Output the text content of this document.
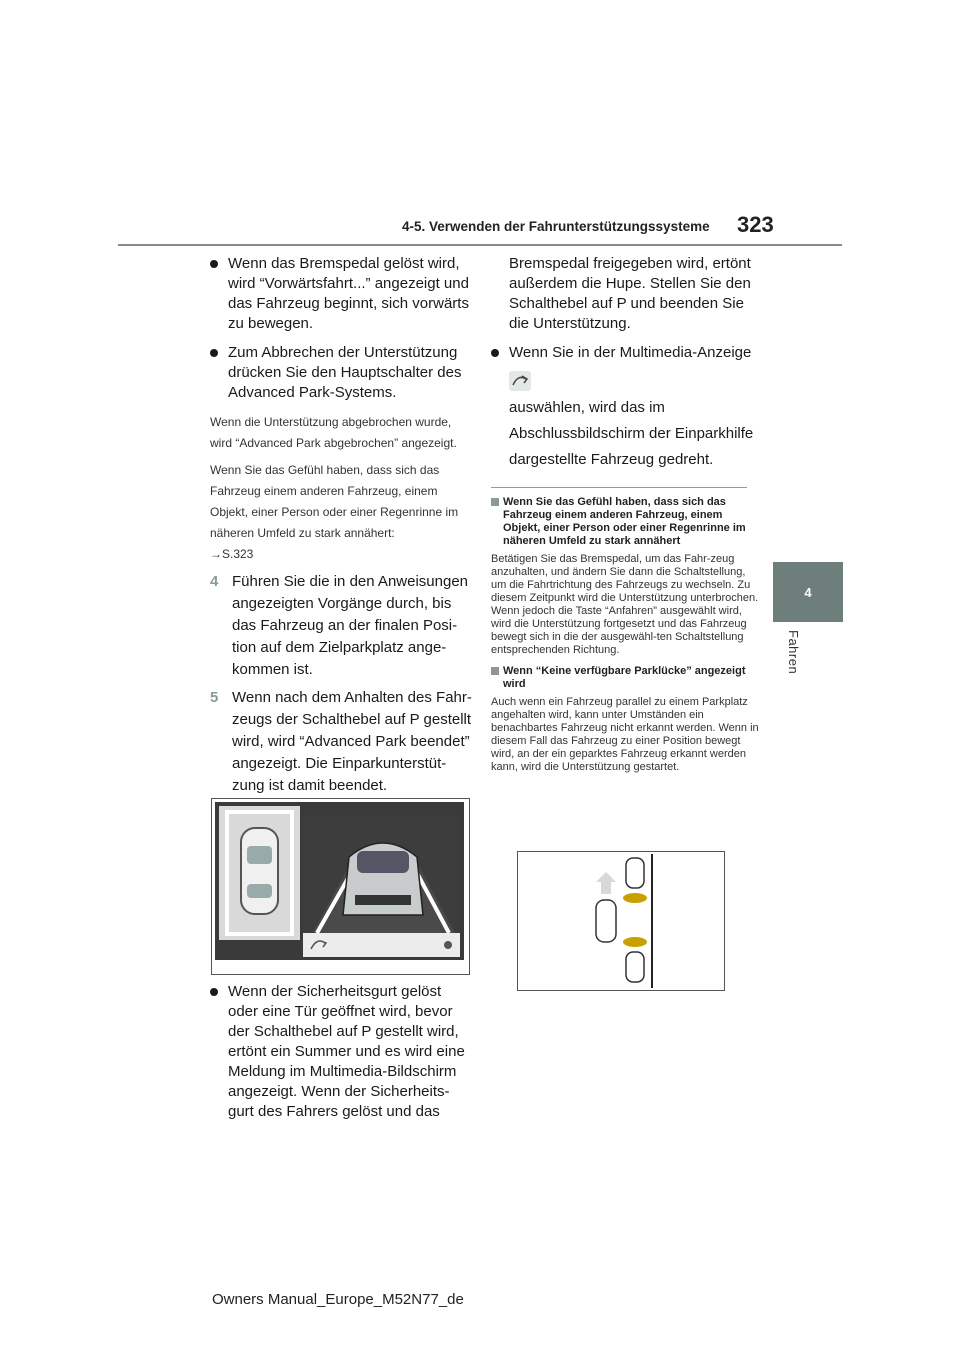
4-5. Verwenden der Fahrunterstützungssysteme 323
4
Fahren
Wenn das Bremspedal gelöst wird, wird “Vorwärtsfahrt...” angezeigt und das Fahrzeug beginnt, sich vorwärts zu bewegen.
Zum Abbrechen der Unterstützung drücken Sie den Hauptschalter des Advanced Park-Systems.
Wenn die Unterstützung abgebrochen wurde, wird “Advanced Park abgebrochen” angezeigt.
Wenn Sie das Gefühl haben, dass sich das Fahrzeug einem anderen Fahrzeug, einem Objekt, einer Person oder einer Regenrinne im näheren Umfeld zu stark annähert:
→S.323
4 Führen Sie die in den Anweisungen angezeigten Vorgänge durch, bis das Fahrzeug an der finalen Posi-tion auf dem Zielparkplatz ange-kommen ist.
5 Wenn nach dem Anhalten des Fahr-zeugs der Schalthebel auf P gestellt wird, wird “Advanced Park beendet” angezeigt. Die Einparkunterstüt-zung ist damit beendet.
Wenn der Sicherheitsgurt gelöst oder eine Tür geöffnet wird, bevor der Schalthebel auf P gestellt wird, ertönt ein Summer und es wird eine Meldung im Multimedia-Bildschirm angezeigt. Wenn der Sicherheits-gurt des Fahrers gelöst und das
Bremspedal freigegeben wird, ertönt außerdem die Hupe. Stellen Sie den Schalthebel auf P und beenden Sie die Unterstützung.
Wenn Sie in der Multimedia-Anzeige
auswählen, wird das im Abschlussbildschirm der Einparkhilfe dargestellte Fahrzeug gedreht.
Wenn Sie das Gefühl haben, dass sich das Fahrzeug einem anderen Fahrzeug, einem Objekt, einer Person oder einer Regenrinne im näheren Umfeld zu stark annähert
Betätigen Sie das Bremspedal, um das Fahr-zeug anzuhalten, und ändern Sie dann die Schaltstellung, um die Fahrtrichtung des Fahrzeugs zu wechseln. Zu diesem Zeitpunkt wird die Unterstützung unterbrochen. Wenn jedoch die Taste “Anfahren” ausgewählt wird, wird die Unterstützung fortgesetzt und das Fahrzeug bewegt sich in die der ausgewähl-ten Schaltstellung entsprechenden Richtung.
Wenn “Keine verfügbare Parklücke” angezeigt wird
Auch wenn ein Fahrzeug parallel zu einem Parkplatz angehalten wird, kann unter Umständen ein benachbartes Fahrzeug nicht erkannt werden. Wenn in diesem Fall das Fahrzeug zu einer Position bewegt wird, an der ein geparktes Fahrzeug erkannt werden kann, wird die Unterstützung gestartet.
Owners Manual_Europe_M52N77_de
